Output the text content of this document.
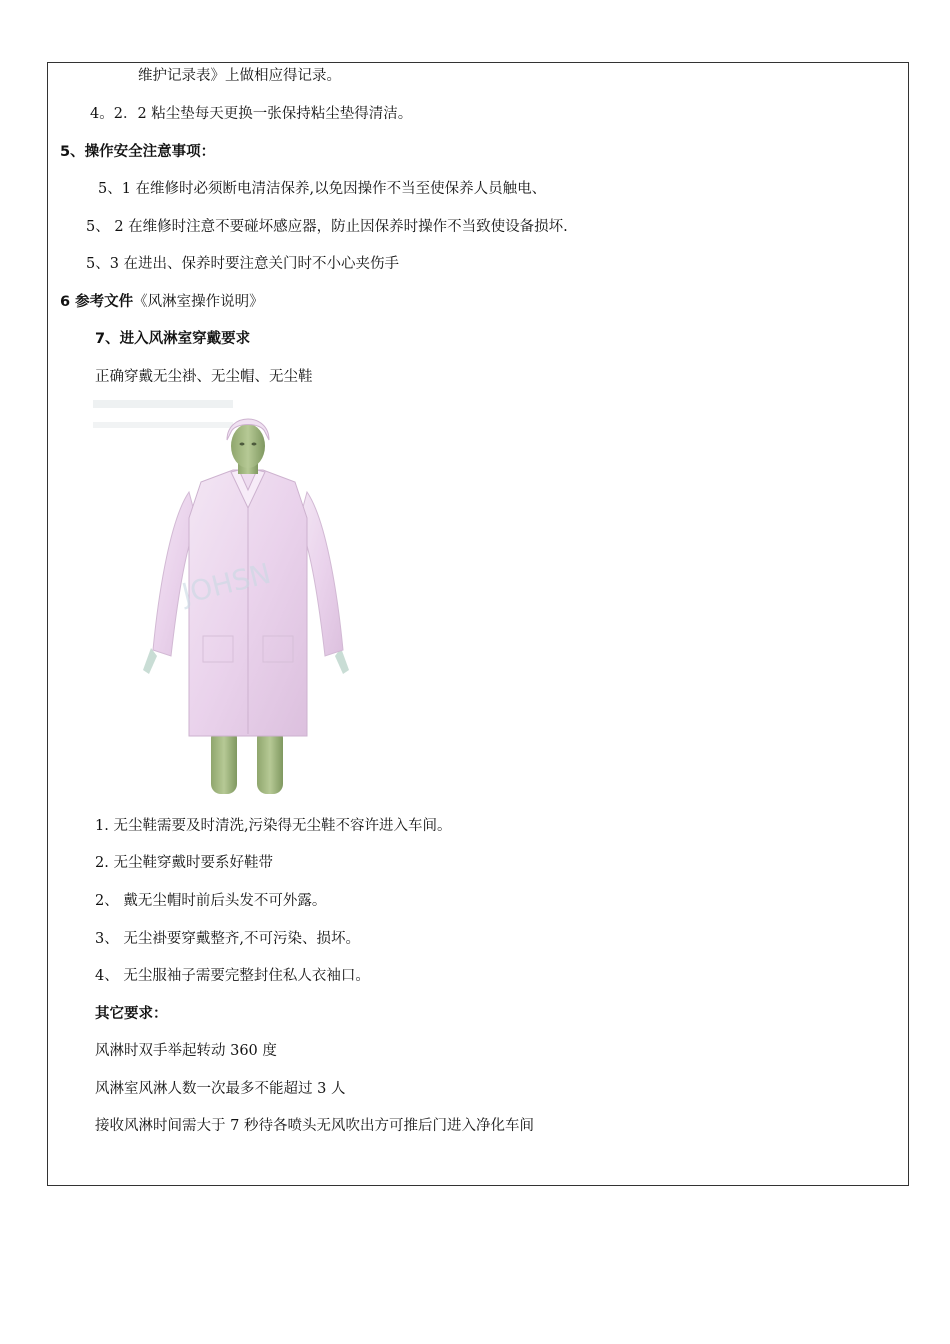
维护记录表》上做相应得记录。
4。2．2 粘尘垫每天更换一张保持粘尘垫得清洁。
5、操作安全注意事项：
5、1 在维修时必须断电清洁保养,以免因操作不当至使保养人员触电、
5、 2 在维修时注意不要碰坏感应器，防止因保养时操作不当致使设备损坏.
5、3 在进出、保养时要注意关门时不小心夹伤手
6 参考文件《风淋室操作说明》
7、进入风淋室穿戴要求
正确穿戴无尘褂、无尘帽、无尘鞋
JOHSN
1. 无尘鞋需要及时清洗,污染得无尘鞋不容许进入车间。
2. 无尘鞋穿戴时要系好鞋带
2、 戴无尘帽时前后头发不可外露。
3、 无尘褂要穿戴整齐,不可污染、损坏。
4、 无尘服袖子需要完整封住私人衣袖口。
其它要求：
风淋时双手举起转动 360 度
风淋室风淋人数一次最多不能超过 3 人
接收风淋时间需大于 7 秒待各喷头无风吹出方可推后门进入净化车间
